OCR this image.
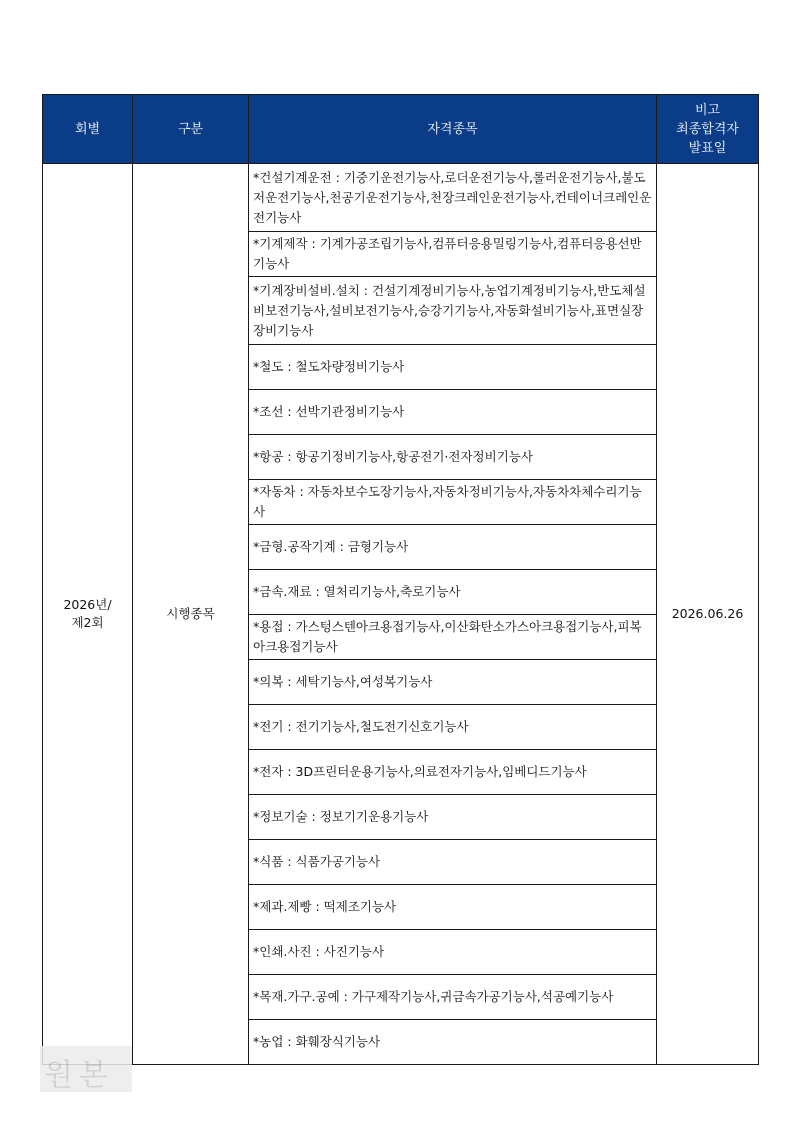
회별	구분	자격종목	비고
최종합격자
발표일
2026년/
제2회	시행종목	*건설기계운전 : 기중기운전기능사,로더운전기능사,롤러운전기능사,불도저운전기능사,천공기운전기능사,천장크레인운전기능사,컨테이너크레인운전기능사	2026.06.26
		*기계제작 : 기계가공조립기능사,컴퓨터응용밀링기능사,컴퓨터응용선반기능사	
		*기계장비설비.설치 : 건설기계정비기능사,농업기계정비기능사,반도체설비보전기능사,설비보전기능사,승강기기능사,자동화설비기능사,표면실장장비기능사	
		*철도 : 철도차량정비기능사	
		*조선 : 선박기관정비기능사	
		*항공 : 항공기정비기능사,항공전기·전자정비기능사	
		*자동차 : 자동차보수도장기능사,자동차정비기능사,자동차차체수리기능사	
		*금형.공작기계 : 금형기능사	
		*금속.재료 : 열처리기능사,축로기능사	
		*용접 : 가스텅스텐아크용접기능사,이산화탄소가스아크용접기능사,피복아크용접기능사	
		*의복 : 세탁기능사,여성복기능사	
		*전기 : 전기기능사,철도전기신호기능사	
		*전자 : 3D프린터운용기능사,의료전자기능사,임베디드기능사	
		*정보기술 : 정보기기운용기능사	
		*식품 : 식품가공기능사	
		*제과.제빵 : 떡제조기능사	
		*인쇄.사진 : 사진기능사	
		*목재.가구.공예 : 가구제작기능사,귀금속가공기능사,석공예기능사	
		*농업 : 화훼장식기능사	
원본
